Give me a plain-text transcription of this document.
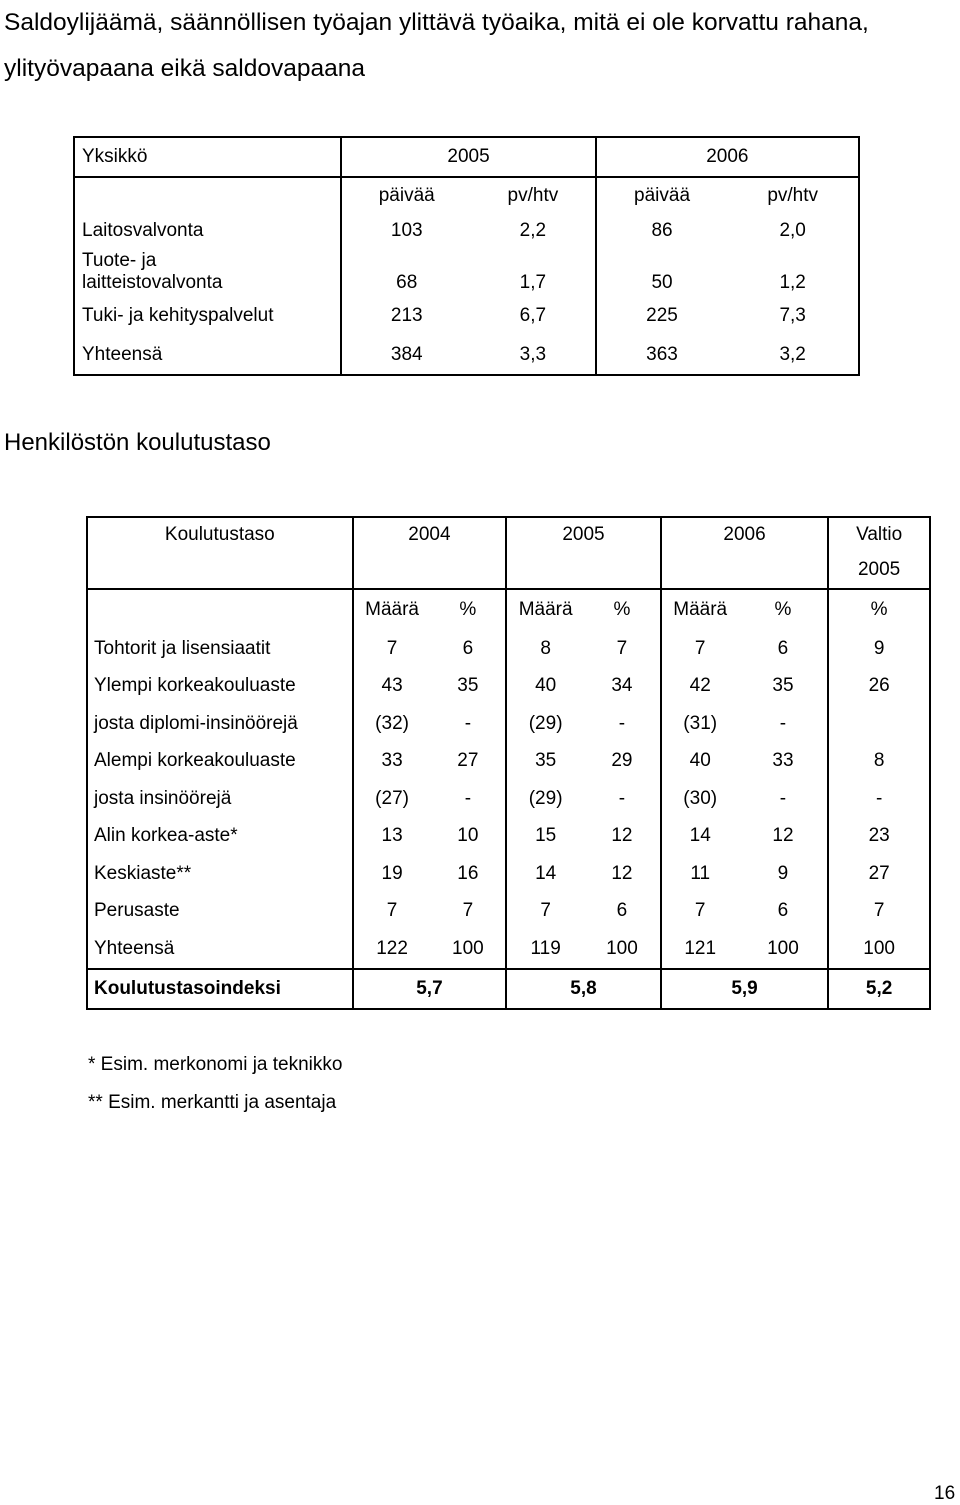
Saldoylijäämä, säännöllisen työajan ylittävä työaika, mitä ei ole korvattu rahana, ylityövapaana eikä saldovapaana
Yksikkö	2005		2006	
	päivää	pv/htv	päivää	pv/htv
Laitosvalvonta	103	2,2	86	2,0

Tuote- ja
laitteistovalvonta	68	1,7	50	1,2
Tuki- ja kehityspalvelut	213	6,7	225	7,3
Yhteensä	384	3,3	363	3,2
Henkilöstön koulutustaso
Koulutustaso	2004		2005		2006		Valtio
							2005
	Määrä	%	Määrä	%	Määrä	%	%
Tohtorit ja lisensiaatit	7	6	8	7	7	6	9
Ylempi korkeakouluaste	43	35	40	34	42	35	26
josta diplomi-insinöörejä	(32)	-	(29)	-	(31)	-	
Alempi korkeakouluaste	33	27	35	29	40	33	8
josta insinöörejä	(27)	-	(29)	-	(30)	-	-
Alin korkea-aste*	13	10	15	12	14	12	23
Keskiaste**	19	16	14	12	11	9	27
Perusaste	7	7	7	6	7	6	7
Yhteensä	122	100	119	100	121	100	100
Koulutustasoindeksi	5,7		5,8		5,9		5,2
* Esim. merkonomi ja teknikko
** Esim. merkantti ja asentaja
16
